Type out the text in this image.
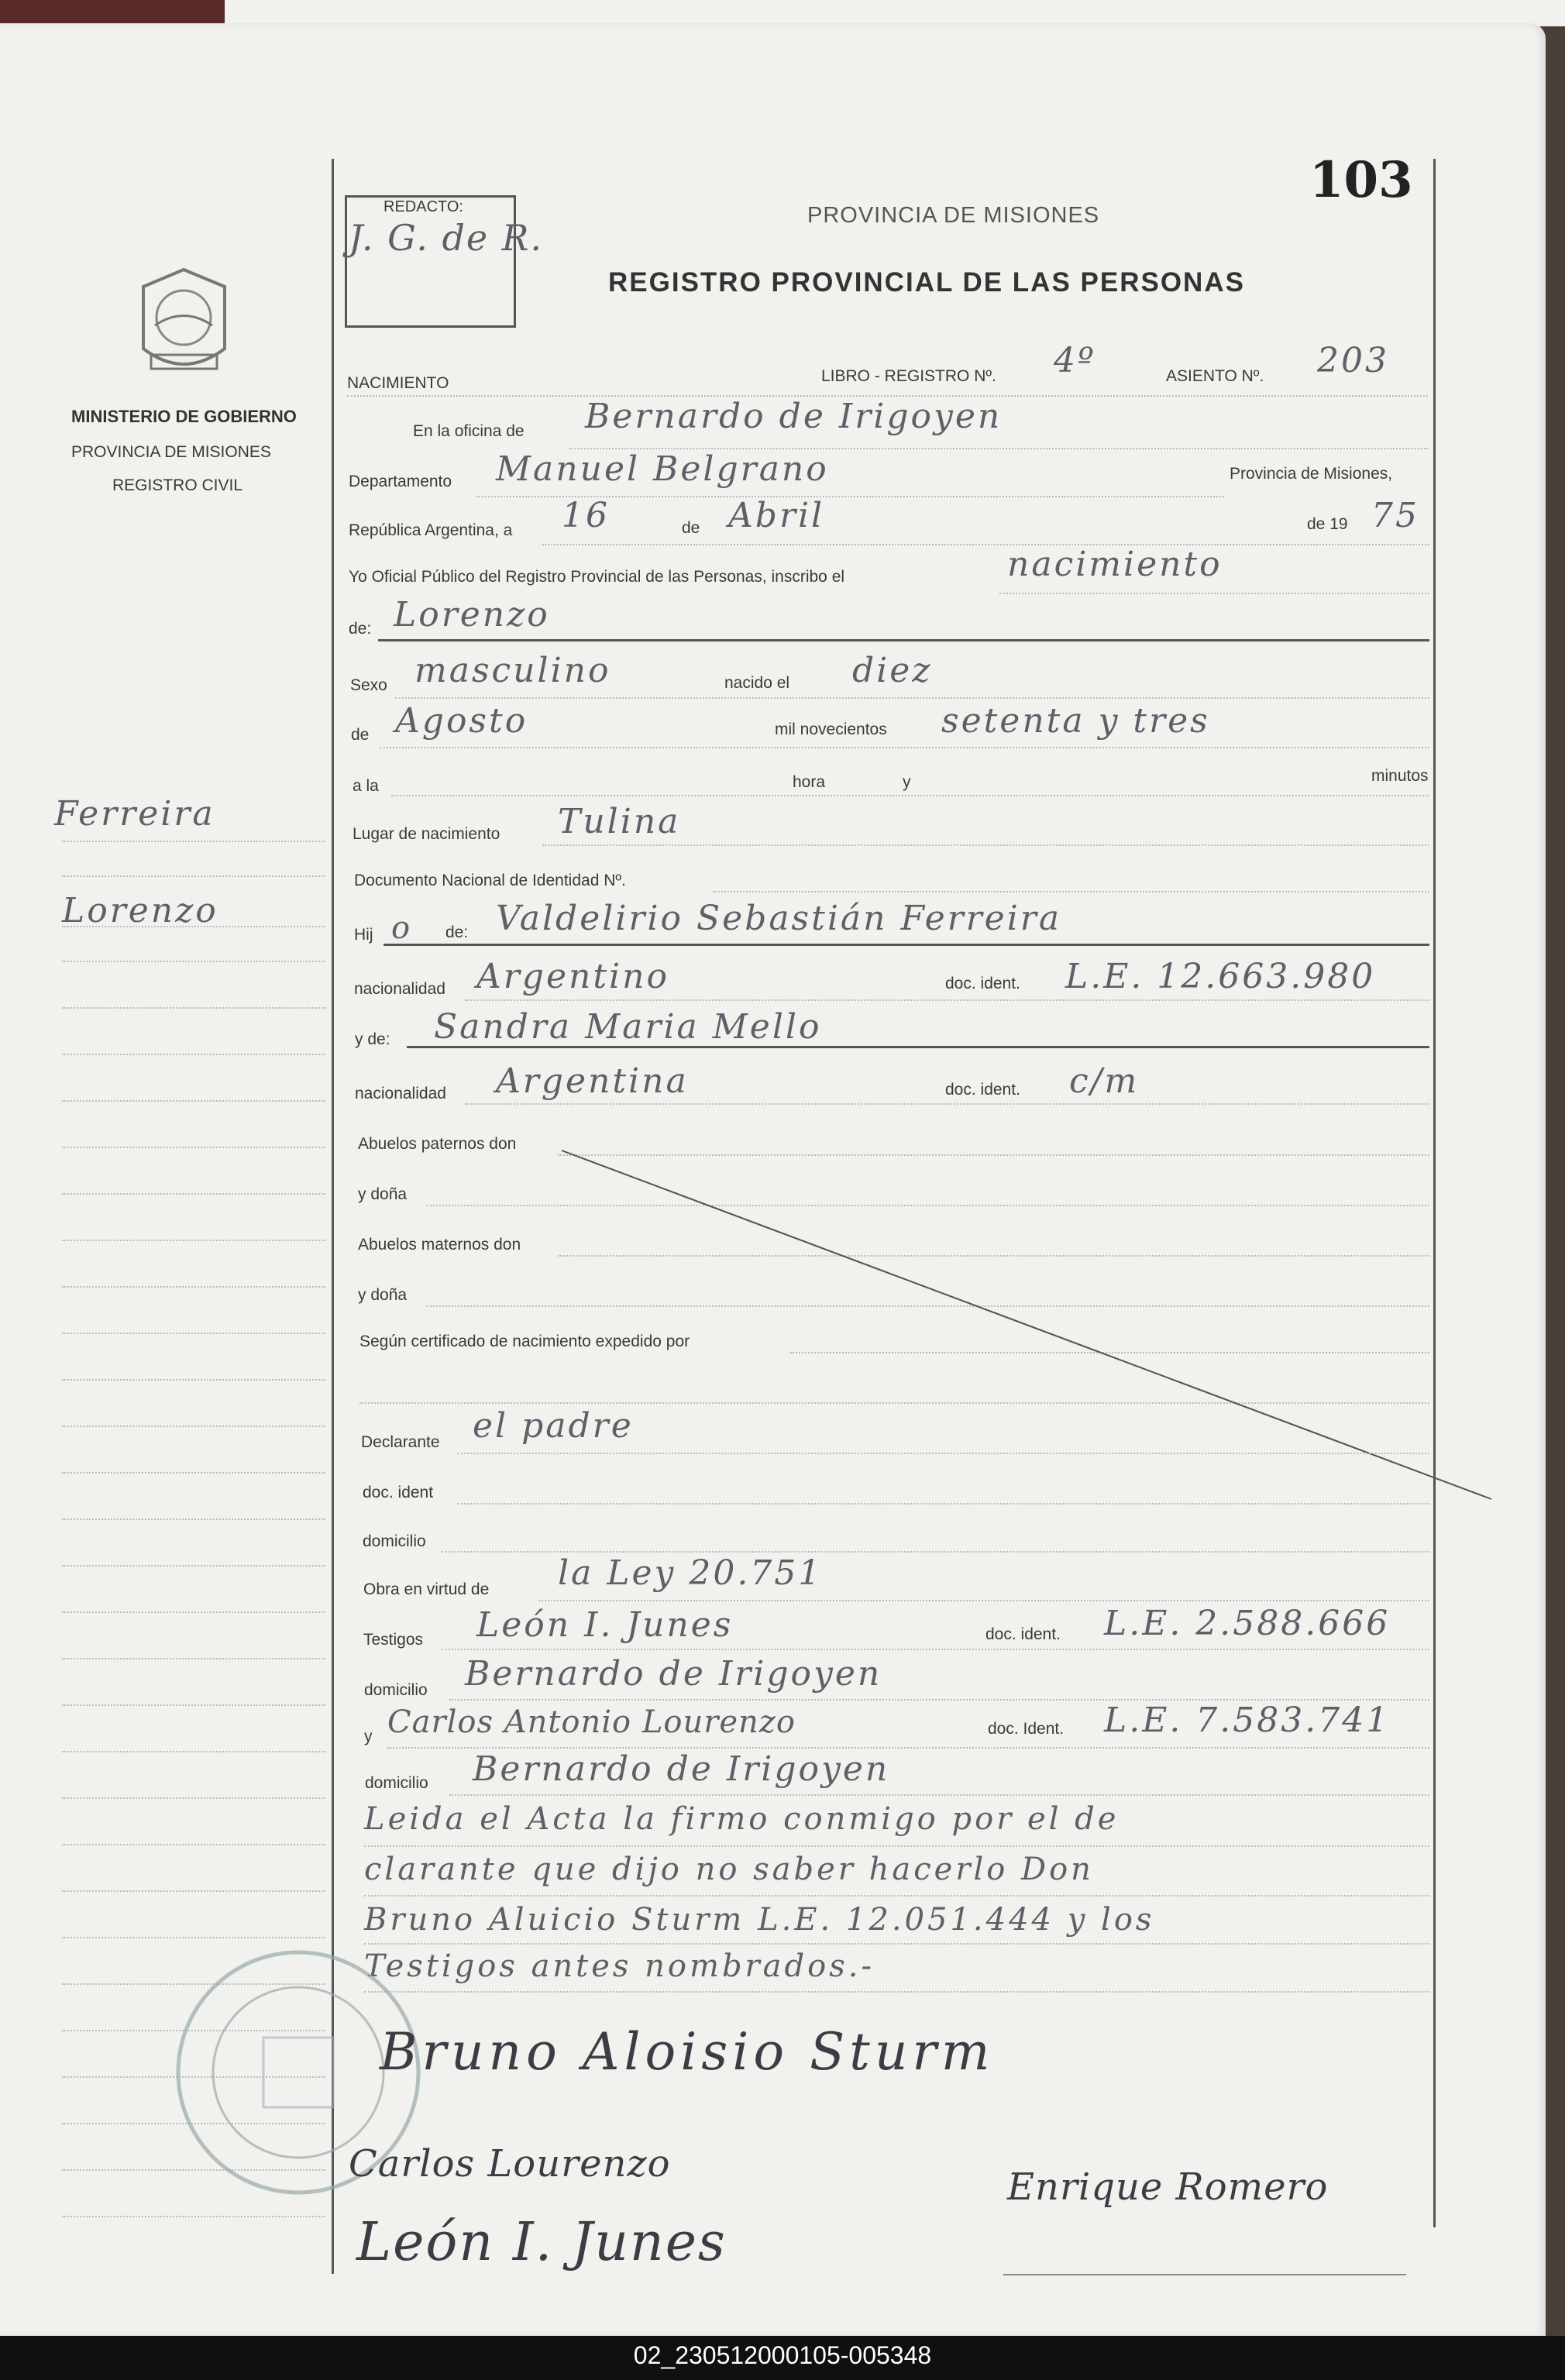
MINISTERIO DE GOBIERNO
PROVINCIA DE MISIONES
REGISTRO CIVIL
Ferreira
Lorenzo
REDACTO:
J. G. de R.
PROVINCIA DE MISIONES
REGISTRO PROVINCIAL DE LAS PERSONAS
103
NACIMIENTO	LIBRO - REGISTRO Nº. 4º	ASIENTO Nº. 203
En la oficina de Bernardo de Irigoyen
Departamento Manuel Belgrano	Provincia de Misiones,
República Argentina, a 16	de Abril	de 19 75
Yo Oficial Público del Registro Provincial de las Personas, inscribo el	nacimiento
de: Lorenzo
Sexo masculino	nacido el diez
de Agosto	mil novecientos setenta y tres
a la	hora	y	minutos
Lugar de nacimiento Tulina
Documento Nacional de Identidad Nº.
Hij o de: Valdelirio Sebastián Ferreira
nacionalidad Argentino	doc. ident. L.E. 12.663.980
y de: Sandra Maria Mello
nacionalidad Argentina	doc. ident. c/m
Abuelos paternos don
y doña
Abuelos maternos don
y doña
Según certificado de nacimiento expedido por
Declarante el padre
doc. ident
domicilio
Obra en virtud de la Ley 20.751
Testigos León I. Junes	doc. ident. L.E. 2.588.666
domicilio Bernardo de Irigoyen
y Carlos Antonio Lourenzo	doc. Ident. L.E. 7.583.741
domicilio Bernardo de Irigoyen
Leida el Acta la firmo conmigo por el de
clarante que dijo no saber hacerlo Don
Bruno Aluicio Sturm L.E. 12.051.444 y los
Testigos antes nombrados.-
Bruno Aloisio Sturm
Carlos Lourenzo
León I. Junes
Enrique Romero
02_230512000105-005348
